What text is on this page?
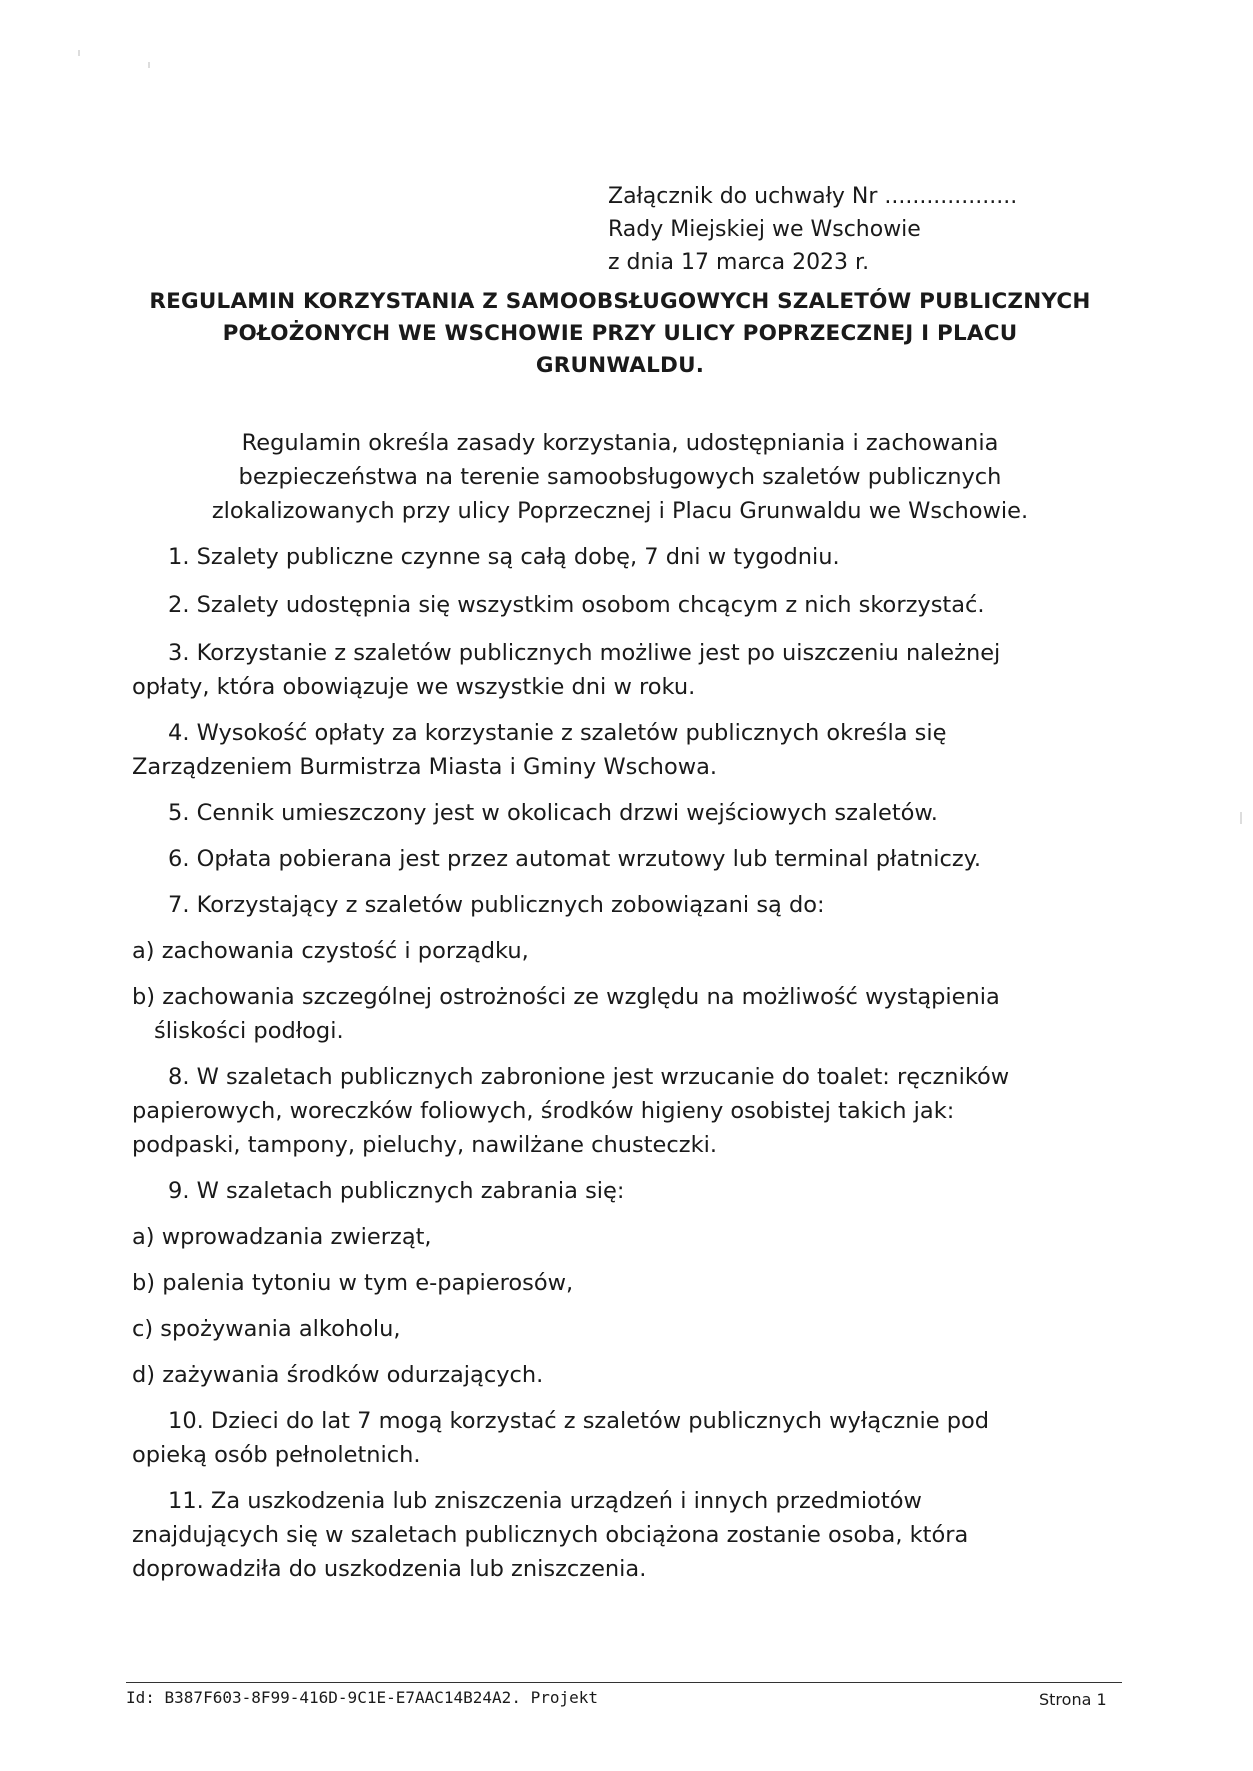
Załącznik do uchwały Nr ...................
Rady Miejskiej we Wschowie
z dnia 17 marca 2023 r.
REGULAMIN KORZYSTANIA Z SAMOOBSŁUGOWYCH SZALETÓW PUBLICZNYCH
POŁOŻONYCH WE WSCHOWIE PRZY ULICY POPRZECZNEJ I PLACU
GRUNWALDU.
Regulamin określa zasady korzystania, udostępniania i zachowania
bezpieczeństwa na terenie samoobsługowych szaletów publicznych
zlokalizowanych przy ulicy Poprzecznej i Placu Grunwaldu we Wschowie.
1. Szalety publiczne czynne są całą dobę, 7 dni w tygodniu.
2. Szalety udostępnia się wszystkim osobom chcącym z nich skorzystać.
3. Korzystanie z szaletów publicznych możliwe jest po uiszczeniu należnej
opłaty, która obowiązuje we wszystkie dni w roku.
4. Wysokość opłaty za korzystanie z szaletów publicznych określa się
Zarządzeniem Burmistrza Miasta i Gminy Wschowa.
5. Cennik umieszczony jest w okolicach drzwi wejściowych szaletów.
6. Opłata pobierana jest przez automat wrzutowy lub terminal płatniczy.
7. Korzystający z szaletów publicznych zobowiązani są do:
a) zachowania czystość i porządku,
b) zachowania szczególnej ostrożności ze względu na możliwość wystąpienia
śliskości podłogi.
8. W szaletach publicznych zabronione jest wrzucanie do toalet: ręczników
papierowych, woreczków foliowych, środków higieny osobistej takich jak:
podpaski, tampony, pieluchy, nawilżane chusteczki.
9. W szaletach publicznych zabrania się:
a) wprowadzania zwierząt,
b) palenia tytoniu w tym e-papierosów,
c) spożywania alkoholu,
d) zażywania środków odurzających.
10. Dzieci do lat 7 mogą korzystać z szaletów publicznych wyłącznie pod
opieką osób pełnoletnich.
11. Za uszkodzenia lub zniszczenia urządzeń i innych przedmiotów
znajdujących się w szaletach publicznych obciążona zostanie osoba, która
doprowadziła do uszkodzenia lub zniszczenia.
Id: B387F603-8F99-416D-9C1E-E7AAC14B24A2. Projekt	Strona 1
